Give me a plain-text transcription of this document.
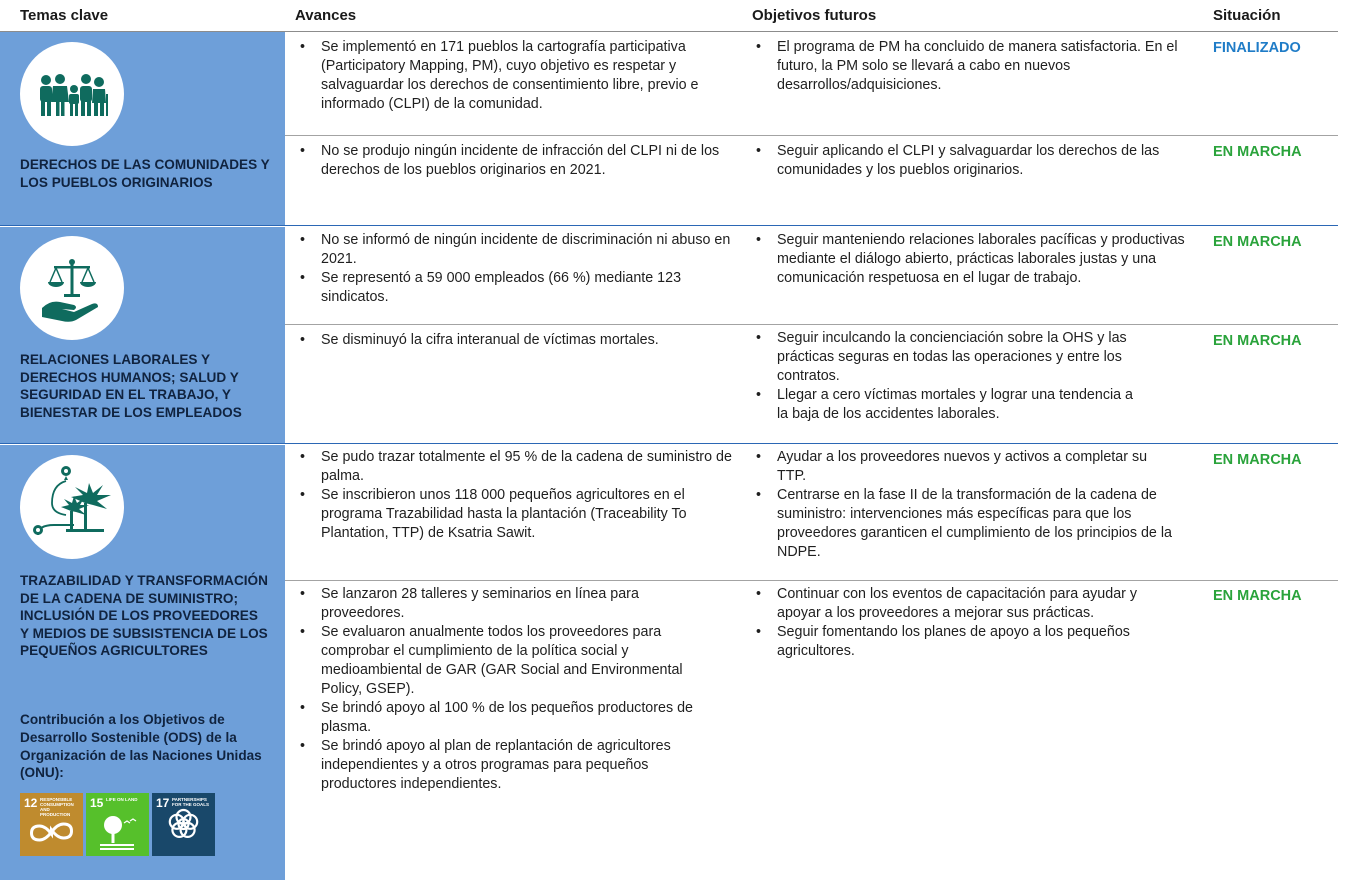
Temas clave	Avances	Objetivos futuros	Situación
DERECHOS DE LAS COMUNIDADES Y LOS PUEBLOS ORIGINARIOS
RELACIONES LABORALES Y DERECHOS HUMANOS; SALUD Y SEGURIDAD EN EL TRABAJO, Y BIENESTAR DE LOS EMPLEADOS
TRAZABILIDAD Y TRANSFORMACIÓN DE LA CADENA DE SUMINISTRO; INCLUSIÓN DE LOS PROVEEDORES Y MEDIOS DE SUBSISTENCIA DE LOS PEQUEÑOS AGRICULTORES
Contribución a los Objetivos de Desarrollo Sostenible (ODS) de la Organización de las Naciones Unidas (ONU):
12 RESPONSIBLE CONSUMPTION AND PRODUCTION
15 LIFE ON LAND	17 PARTNERSHIPS FOR THE GOALS
• Se implementó en 171 pueblos la cartografía participativa (Participatory Mapping, PM), cuyo objetivo es respetar y salvaguardar los derechos de consentimiento libre, previo e informado (CLPI) de la comunidad.
• El programa de PM ha concluido de manera satisfactoria. En el futuro, la PM solo se llevará a cabo en nuevos desarrollos/adquisiciones.
FINALIZADO
• No se produjo ningún incidente de infracción del CLPI ni de los derechos de los pueblos originarios en 2021.
• Seguir aplicando el CLPI y salvaguardar los derechos de las comunidades y los pueblos originarios.
EN MARCHA
• No se informó de ningún incidente de discriminación ni abuso en 2021.
• Se representó a 59 000 empleados (66 %) mediante 123 sindicatos.
• Seguir manteniendo relaciones laborales pacíficas y productivas mediante el diálogo abierto, prácticas laborales justas y una comunicación respetuosa en el lugar de trabajo.
EN MARCHA
• Se disminuyó la cifra interanual de víctimas mortales.
•	Seguir inculcando la concienciación sobre la OHS y las prácticas seguras en todas las operaciones y entre los contratos.
• Llegar a cero víctimas mortales y lograr una tendencia a la baja de los accidentes laborales.
EN MARCHA
• Se pudo trazar totalmente el 95 % de la cadena de suministro de palma.
• Se inscribieron unos 118 000 pequeños agricultores en el programa Trazabilidad hasta la plantación (Traceability To Plantation, TTP) de Ksatria Sawit.
• Ayudar a los proveedores nuevos y activos a completar su TTP.
• Centrarse en la fase II de la transformación de la cadena de suministro: intervenciones más específicas para que los proveedores garanticen el cumplimiento de los principios de la NDPE.
EN MARCHA
• Se lanzaron 28 talleres y seminarios en línea para proveedores.
• Se evaluaron anualmente todos los proveedores para comprobar el cumplimiento de la política social y medioambiental de GAR (GAR Social and Environmental Policy, GSEP).
• Se brindó apoyo al 100 % de los pequeños productores de plasma.
• Se brindó apoyo al plan de replantación de agricultores independientes y a otros programas para pequeños productores independientes.
• Continuar con los eventos de capacitación para ayudar y apoyar a los proveedores a mejorar sus prácticas.
• Seguir fomentando los planes de apoyo a los pequeños agricultores.
EN MARCHA
